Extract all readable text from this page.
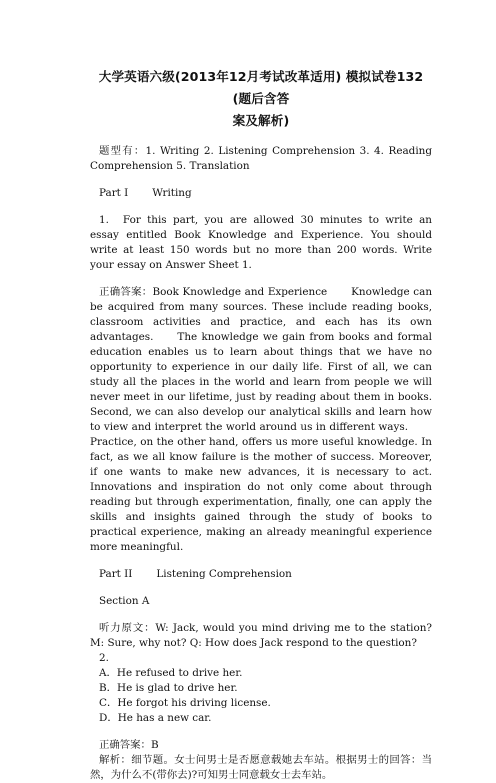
大学英语六级(2013年12月考试改革适用) 模拟试卷132 (题后含答
案及解析)

题型有：1. Writing 2. Listening Comprehension 3. 4. Reading Comprehension 5. Translation

Part I Writing

1. For this part, you are allowed 30 minutes to write an essay entitled Book Knowledge and Experience. You should write at least 150 words but no more than 200 words. Write your essay on Answer Sheet 1.

正确答案：Book Knowledge and Experience Knowledge can be acquired from many sources. These include reading books, classroom activities and practice, and each has its own advantages. The knowledge we gain from books and formal education enables us to learn about things that we have no opportunity to experience in our daily life. First of all, we can study all the places in the world and learn from people we will never meet in our lifetime, just by reading about them in books. Second, we can also develop our analytical skills and learn how to view and interpret the world around us in different ways.Practice, on the other hand, offers us more useful knowledge. In fact, as we all know failure is the mother of success. Moreover, if one wants to make new advances, it is necessary to act. Innovations and inspiration do not only come about through reading but through experimentation, finally, one can apply the skills and insights gained through the study of books to practical experience, making an already meaningful experience more meaningful.

Part II Listening Comprehension

Section A

听力原文：W: Jack, would you mind driving me to the station? M: Sure, why not? Q: How does Jack respond to the question?

2.

A．He refused to drive her.

B．He is glad to drive her.

C．He forgot his driving license.

D．He has a new car.

正确答案：B

解析：细节题。女士问男士是否愿意载她去车站。根据男士的回答：当然，为什么不(带你去)?可知男士同意载女士去车站。
